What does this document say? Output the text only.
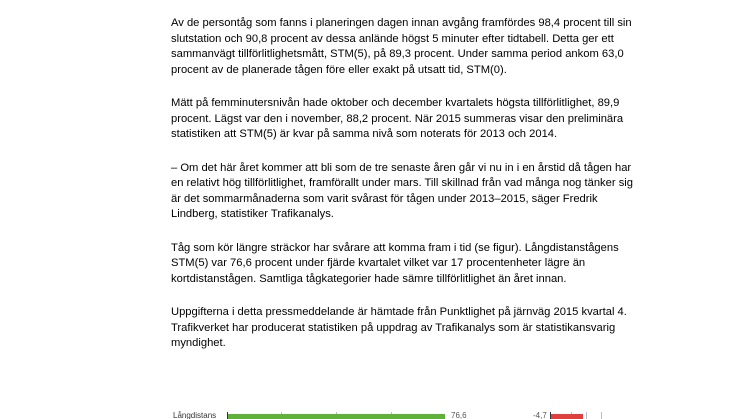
Av de persontåg som fanns i planeringen dagen innan avgång framfördes 98,4 procent till sin
slutstation och 90,8 procent av dessa anlände högst 5 minuter efter tidtabell. Detta ger ett
sammanvägt tillförlitlighetsmått, STM(5), på 89,3 procent. Under samma period ankom 63,0
procent av de planerade tågen före eller exakt på utsatt tid, STM(0).

Mätt på femminutersnivån hade oktober och december kvartalets högsta tillförlitlighet, 89,9
procent. Lägst var den i november, 88,2 procent. När 2015 summeras visar den preliminära
statistiken att STM(5) är kvar på samma nivå som noterats för 2013 och 2014.

– Om det här året kommer att bli som de tre senaste åren går vi nu in i en årstid då tågen har
en relativt hög tillförlitlighet, framförallt under mars. Till skillnad från vad många nog tänker sig
är det sommarmånaderna som varit svårast för tågen under 2013–2015, säger Fredrik
Lindberg, statistiker Trafikanalys.

Tåg som kör längre sträckor har svårare att komma fram i tid (se figur). Långdistanstågens
STM(5) var 76,6 procent under fjärde kvartalet vilket var 17 procentenheter lägre än
kortdistanstågen. Samtliga tågkategorier hade sämre tillförlitlighet än året innan.

Uppgifterna i detta pressmeddelande är hämtade från Punktlighet på järnväg 2015 kvartal 4.
Trafikverket har producerat statistiken på uppdrag av Trafikanalys som är statistikansvarig
myndighet.

Långdistans	76,6	-4,7
